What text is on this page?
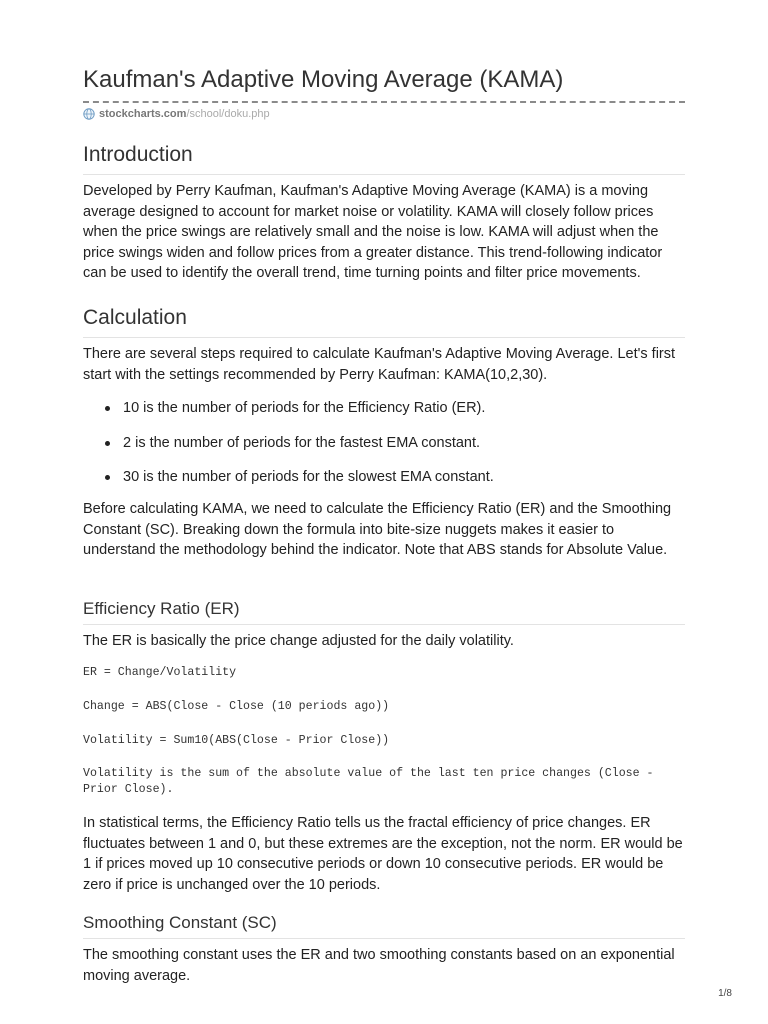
Kaufman's Adaptive Moving Average (KAMA)
stockcharts.com /school/doku.php
Introduction

Developed by Perry Kaufman, Kaufman's Adaptive Moving Average (KAMA) is a moving average designed to account for market noise or volatility. KAMA will closely follow prices when the price swings are relatively small and the noise is low. KAMA will adjust when the price swings widen and follow prices from a greater distance. This trend-following indicator can be used to identify the overall trend, time turning points and filter price movements.

Calculation

There are several steps required to calculate Kaufman's Adaptive Moving Average. Let's first start with the settings recommended by Perry Kaufman: KAMA(10,2,30).

10 is the number of periods for the Efficiency Ratio (ER).
2 is the number of periods for the fastest EMA constant.
30 is the number of periods for the slowest EMA constant.

Before calculating KAMA, we need to calculate the Efficiency Ratio (ER) and the Smoothing Constant (SC). Breaking down the formula into bite-size nuggets makes it easier to understand the methodology behind the indicator. Note that ABS stands for Absolute Value.

Efficiency Ratio (ER)

The ER is basically the price change adjusted for the daily volatility.

ER = Change/Volatility
Change = ABS(Close - Close (10 periods ago))
Volatility = Sum10(ABS(Close - Prior Close))
Volatility is the sum of the absolute value of the last ten price changes (Close - Prior Close).

In statistical terms, the Efficiency Ratio tells us the fractal efficiency of price changes. ER fluctuates between 1 and 0, but these extremes are the exception, not the norm. ER would be 1 if prices moved up 10 consecutive periods or down 10 consecutive periods. ER would be zero if price is unchanged over the 10 periods.

Smoothing Constant (SC)

The smoothing constant uses the ER and two smoothing constants based on an exponential moving average.

1/8
